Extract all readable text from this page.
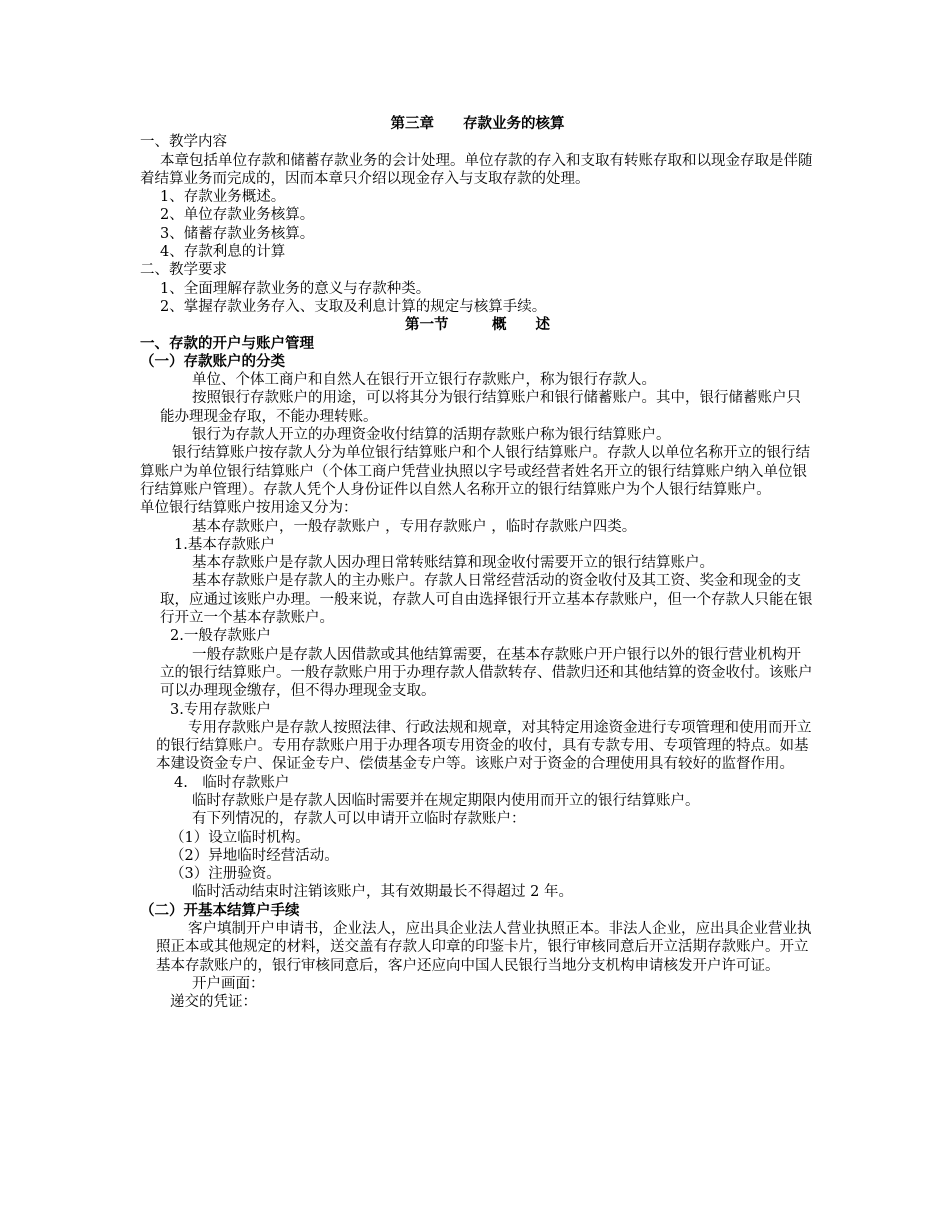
第三章　　存款业务的核算
一、教学内容
本章包括单位存款和储蓄存款业务的会计处理。单位存款的存入和支取有转账存取和以现金存取是伴随着结算业务而完成的，因而本章只介绍以现金存入与支取存款的处理。
1、存款业务概述。
2、单位存款业务核算。
3、储蓄存款业务核算。
4、存款利息的计算
二、教学要求
1、全面理解存款业务的意义与存款种类。
2、掌握存款业务存入、支取及利息计算的规定与核算手续。
第一节　　　概　　述
一、存款的开户与账户管理
（一）存款账户的分类
单位、个体工商户和自然人在银行开立银行存款账户，称为银行存款人。
按照银行存款账户的用途，可以将其分为银行结算账户和银行储蓄账户。其中，银行储蓄账户只能办理现金存取，不能办理转账。
银行为存款人开立的办理资金收付结算的活期存款账户称为银行结算账户。
银行结算账户按存款人分为单位银行结算账户和个人银行结算账户。存款人以单位名称开立的银行结算账户为单位银行结算账户（个体工商户凭营业执照以字号或经营者姓名开立的银行结算账户纳入单位银行结算账户管理）。存款人凭个人身份证件以自然人名称开立的银行结算账户为个人银行结算账户。
单位银行结算账户按用途又分为：
基本存款账户，一般存款账户 ，专用存款账户 ，临时存款账户四类。
1.基本存款账户
基本存款账户是存款人因办理日常转账结算和现金收付需要开立的银行结算账户。
基本存款账户是存款人的主办账户。存款人日常经营活动的资金收付及其工资、奖金和现金的支取，应通过该账户办理。一般来说，存款人可自由选择银行开立基本存款账户，但一个存款人只能在银行开立一个基本存款账户。
2.一般存款账户
一般存款账户是存款人因借款或其他结算需要，在基本存款账户开户银行以外的银行营业机构开立的银行结算账户。一般存款账户用于办理存款人借款转存、借款归还和其他结算的资金收付。该账户可以办理现金缴存，但不得办理现金支取。
3.专用存款账户
专用存款账户是存款人按照法律、行政法规和规章，对其特定用途资金进行专项管理和使用而开立的银行结算账户。专用存款账户用于办理各项专用资金的收付，具有专款专用、专项管理的特点。如基本建设资金专户、保证金专户、偿债基金专户等。该账户对于资金的合理使用具有较好的监督作用。
4.　临时存款账户
临时存款账户是存款人因临时需要并在规定期限内使用而开立的银行结算账户。
有下列情况的，存款人可以申请开立临时存款账户：
（1）设立临时机构。
（2）异地临时经营活动。
（3）注册验资。
临时活动结束时注销该账户，其有效期最长不得超过 2 年。
（二）开基本结算户手续
客户填制开户申请书，企业法人，应出具企业法人营业执照正本。非法人企业，应出具企业营业执照正本或其他规定的材料，送交盖有存款人印章的印鉴卡片，银行审核同意后开立活期存款账户。开立基本存款账户的，银行审核同意后，客户还应向中国人民银行当地分支机构申请核发开户许可证。
开户画面：
递交的凭证：
